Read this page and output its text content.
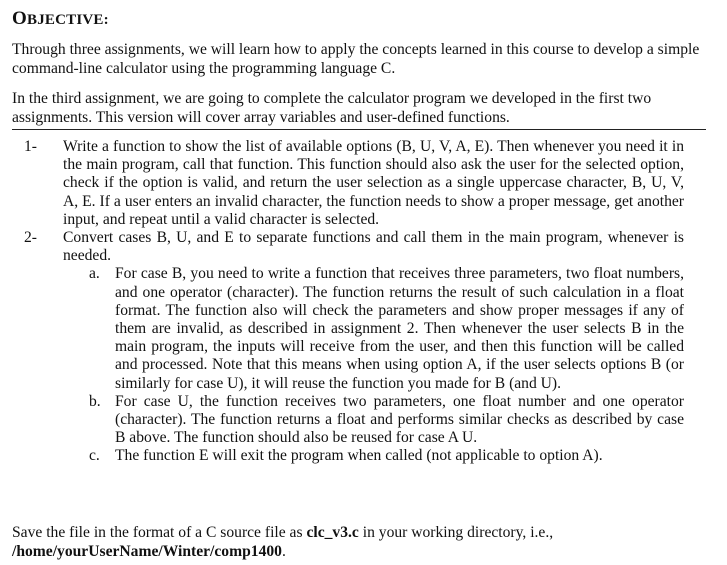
OBJECTIVE:

Through three assignments, we will learn how to apply the concepts learned in this course to develop a simple command-line calculator using the programming language C.

In the third assignment, we are going to complete the calculator program we developed in the first two assignments. This version will cover array variables and user-defined functions.

1- Write a function to show the list of available options (B, U, V, A, E). Then whenever you need it in the main program, call that function. This function should also ask the user for the selected option, check if the option is valid, and return the user selection as a single uppercase character, B, U, V, A, E. If a user enters an invalid character, the function needs to show a proper message, get another input, and repeat until a valid character is selected.
2- Convert cases B, U, and E to separate functions and call them in the main program, whenever is needed.
a. For case B, you need to write a function that receives three parameters, two float numbers, and one operator (character). The function returns the result of such calculation in a float format. The function also will check the parameters and show proper messages if any of them are invalid, as described in assignment 2. Then whenever the user selects B in the main program, the inputs will receive from the user, and then this function will be called and processed. Note that this means when using option A, if the user selects options B (or similarly for case U), it will reuse the function you made for B (and U).
b. For case U, the function receives two parameters, one float number and one operator (character). The function returns a float and performs similar checks as described by case B above. The function should also be reused for case A U.
c. The function E will exit the program when called (not applicable to option A).
Save the file in the format of a C source file as clc_v3.c in your working directory, i.e.,
/home/yourUserName/Winter/comp1400.
